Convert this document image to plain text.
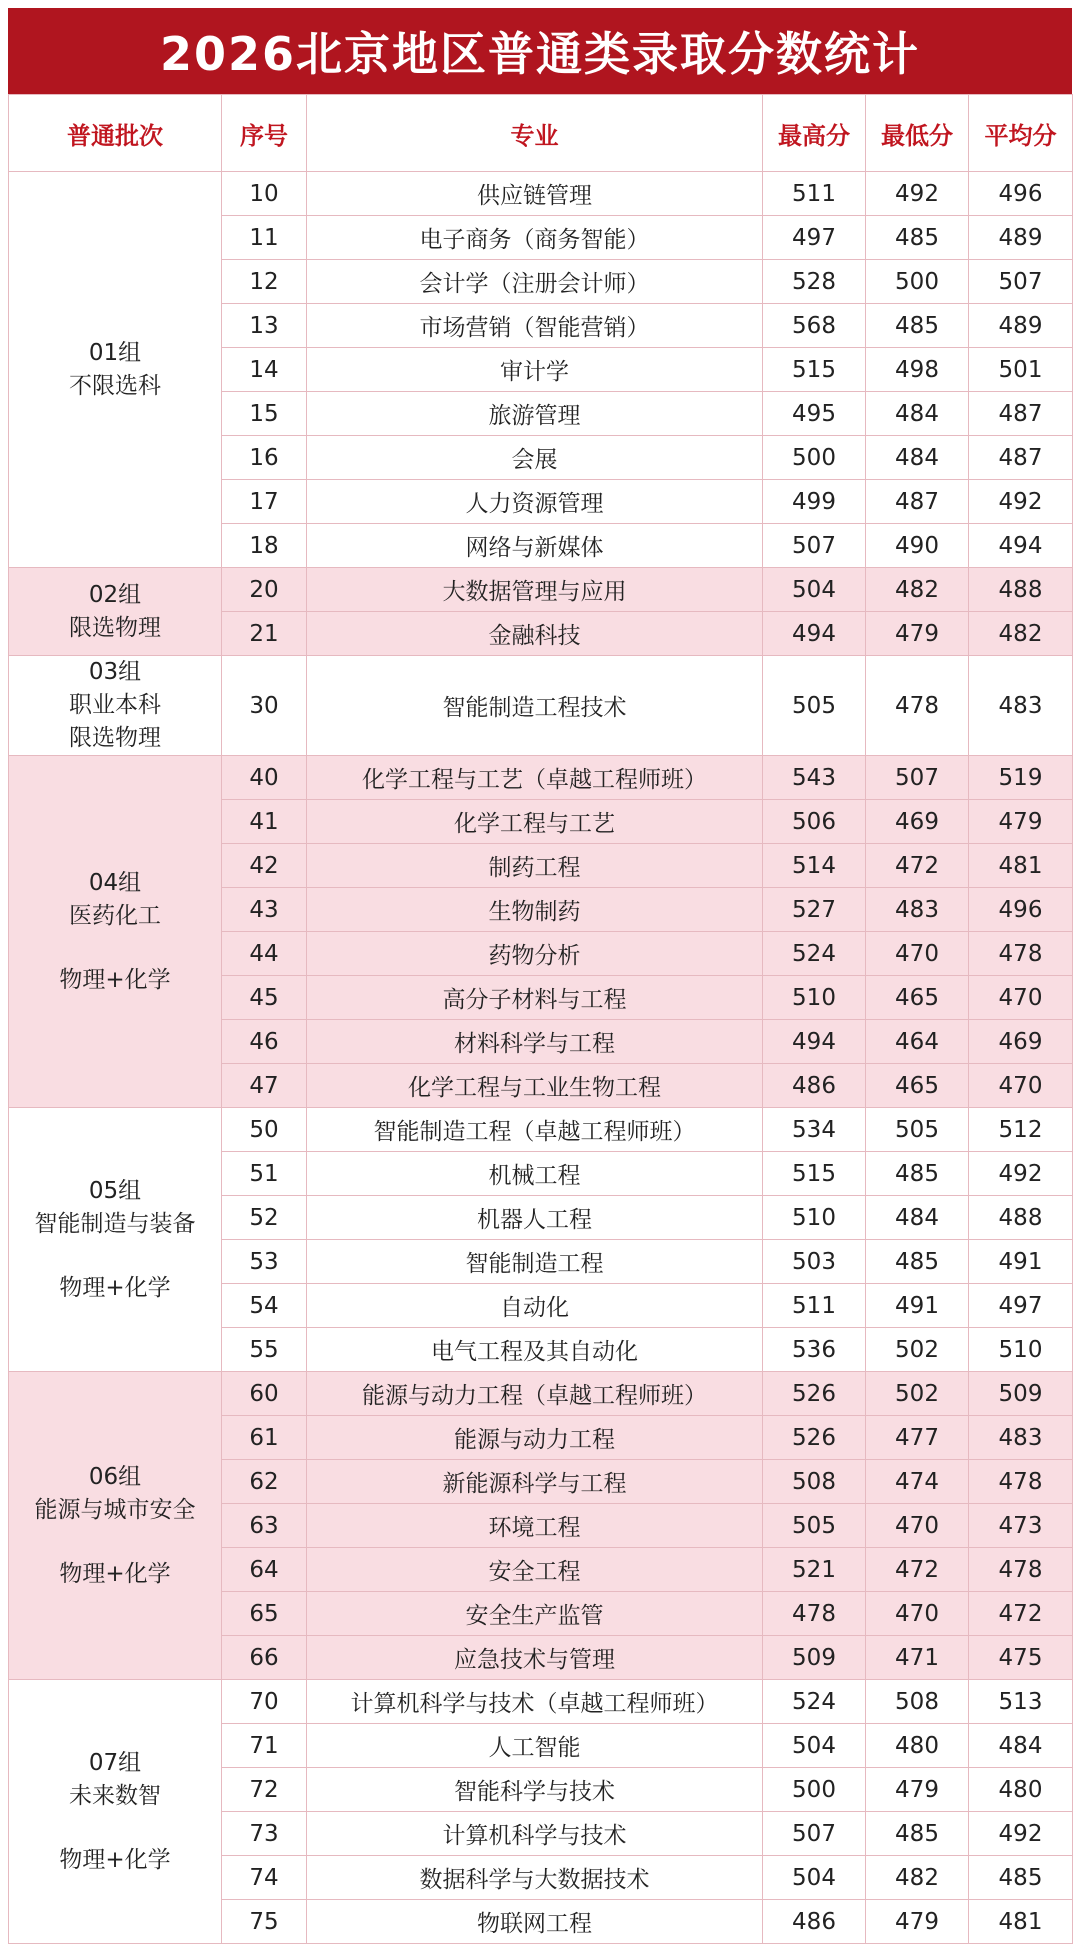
2026北京地区普通类录取分数统计
普通批次	序号	专业	最高分	最低分	平均分

01组
不限选科	10	供应链管理	511	492	496
	11	电子商务（商务智能）	497	485	489
	12	会计学（注册会计师）	528	500	507
	13	市场营销（智能营销）	568	485	489
	14	审计学	515	498	501
	15	旅游管理	495	484	487
	16	会展	500	484	487
	17	人力资源管理	499	487	492
	18	网络与新媒体	507	490	494

02组
限选物理	20	大数据管理与应用	504	482	488
	21	金融科技	494	479	482

03组
职业本科
限选物理	30	智能制造工程技术	505	478	483

04组
医药化工
物理+化学	40	化学工程与工艺（卓越工程师班）	543	507	519
	41	化学工程与工艺	506	469	479
	42	制药工程	514	472	481
	43	生物制药	527	483	496
	44	药物分析	524	470	478
	45	高分子材料与工程	510	465	470
	46	材料科学与工程	494	464	469
	47	化学工程与工业生物工程	486	465	470

05组
智能制造与装备
物理+化学	50	智能制造工程（卓越工程师班）	534	505	512
	51	机械工程	515	485	492
	52	机器人工程	510	484	488
	53	智能制造工程	503	485	491
	54	自动化	511	491	497
	55	电气工程及其自动化	536	502	510

06组
能源与城市安全
物理+化学	60	能源与动力工程（卓越工程师班）	526	502	509
	61	能源与动力工程	526	477	483
	62	新能源科学与工程	508	474	478
	63	环境工程	505	470	473
	64	安全工程	521	472	478
	65	安全生产监管	478	470	472
	66	应急技术与管理	509	471	475

07组
未来数智
物理+化学	70	计算机科学与技术（卓越工程师班）	524	508	513
	71	人工智能	504	480	484
	72	智能科学与技术	500	479	480
	73	计算机科学与技术	507	485	492
	74	数据科学与大数据技术	504	482	485
	75	物联网工程	486	479	481
